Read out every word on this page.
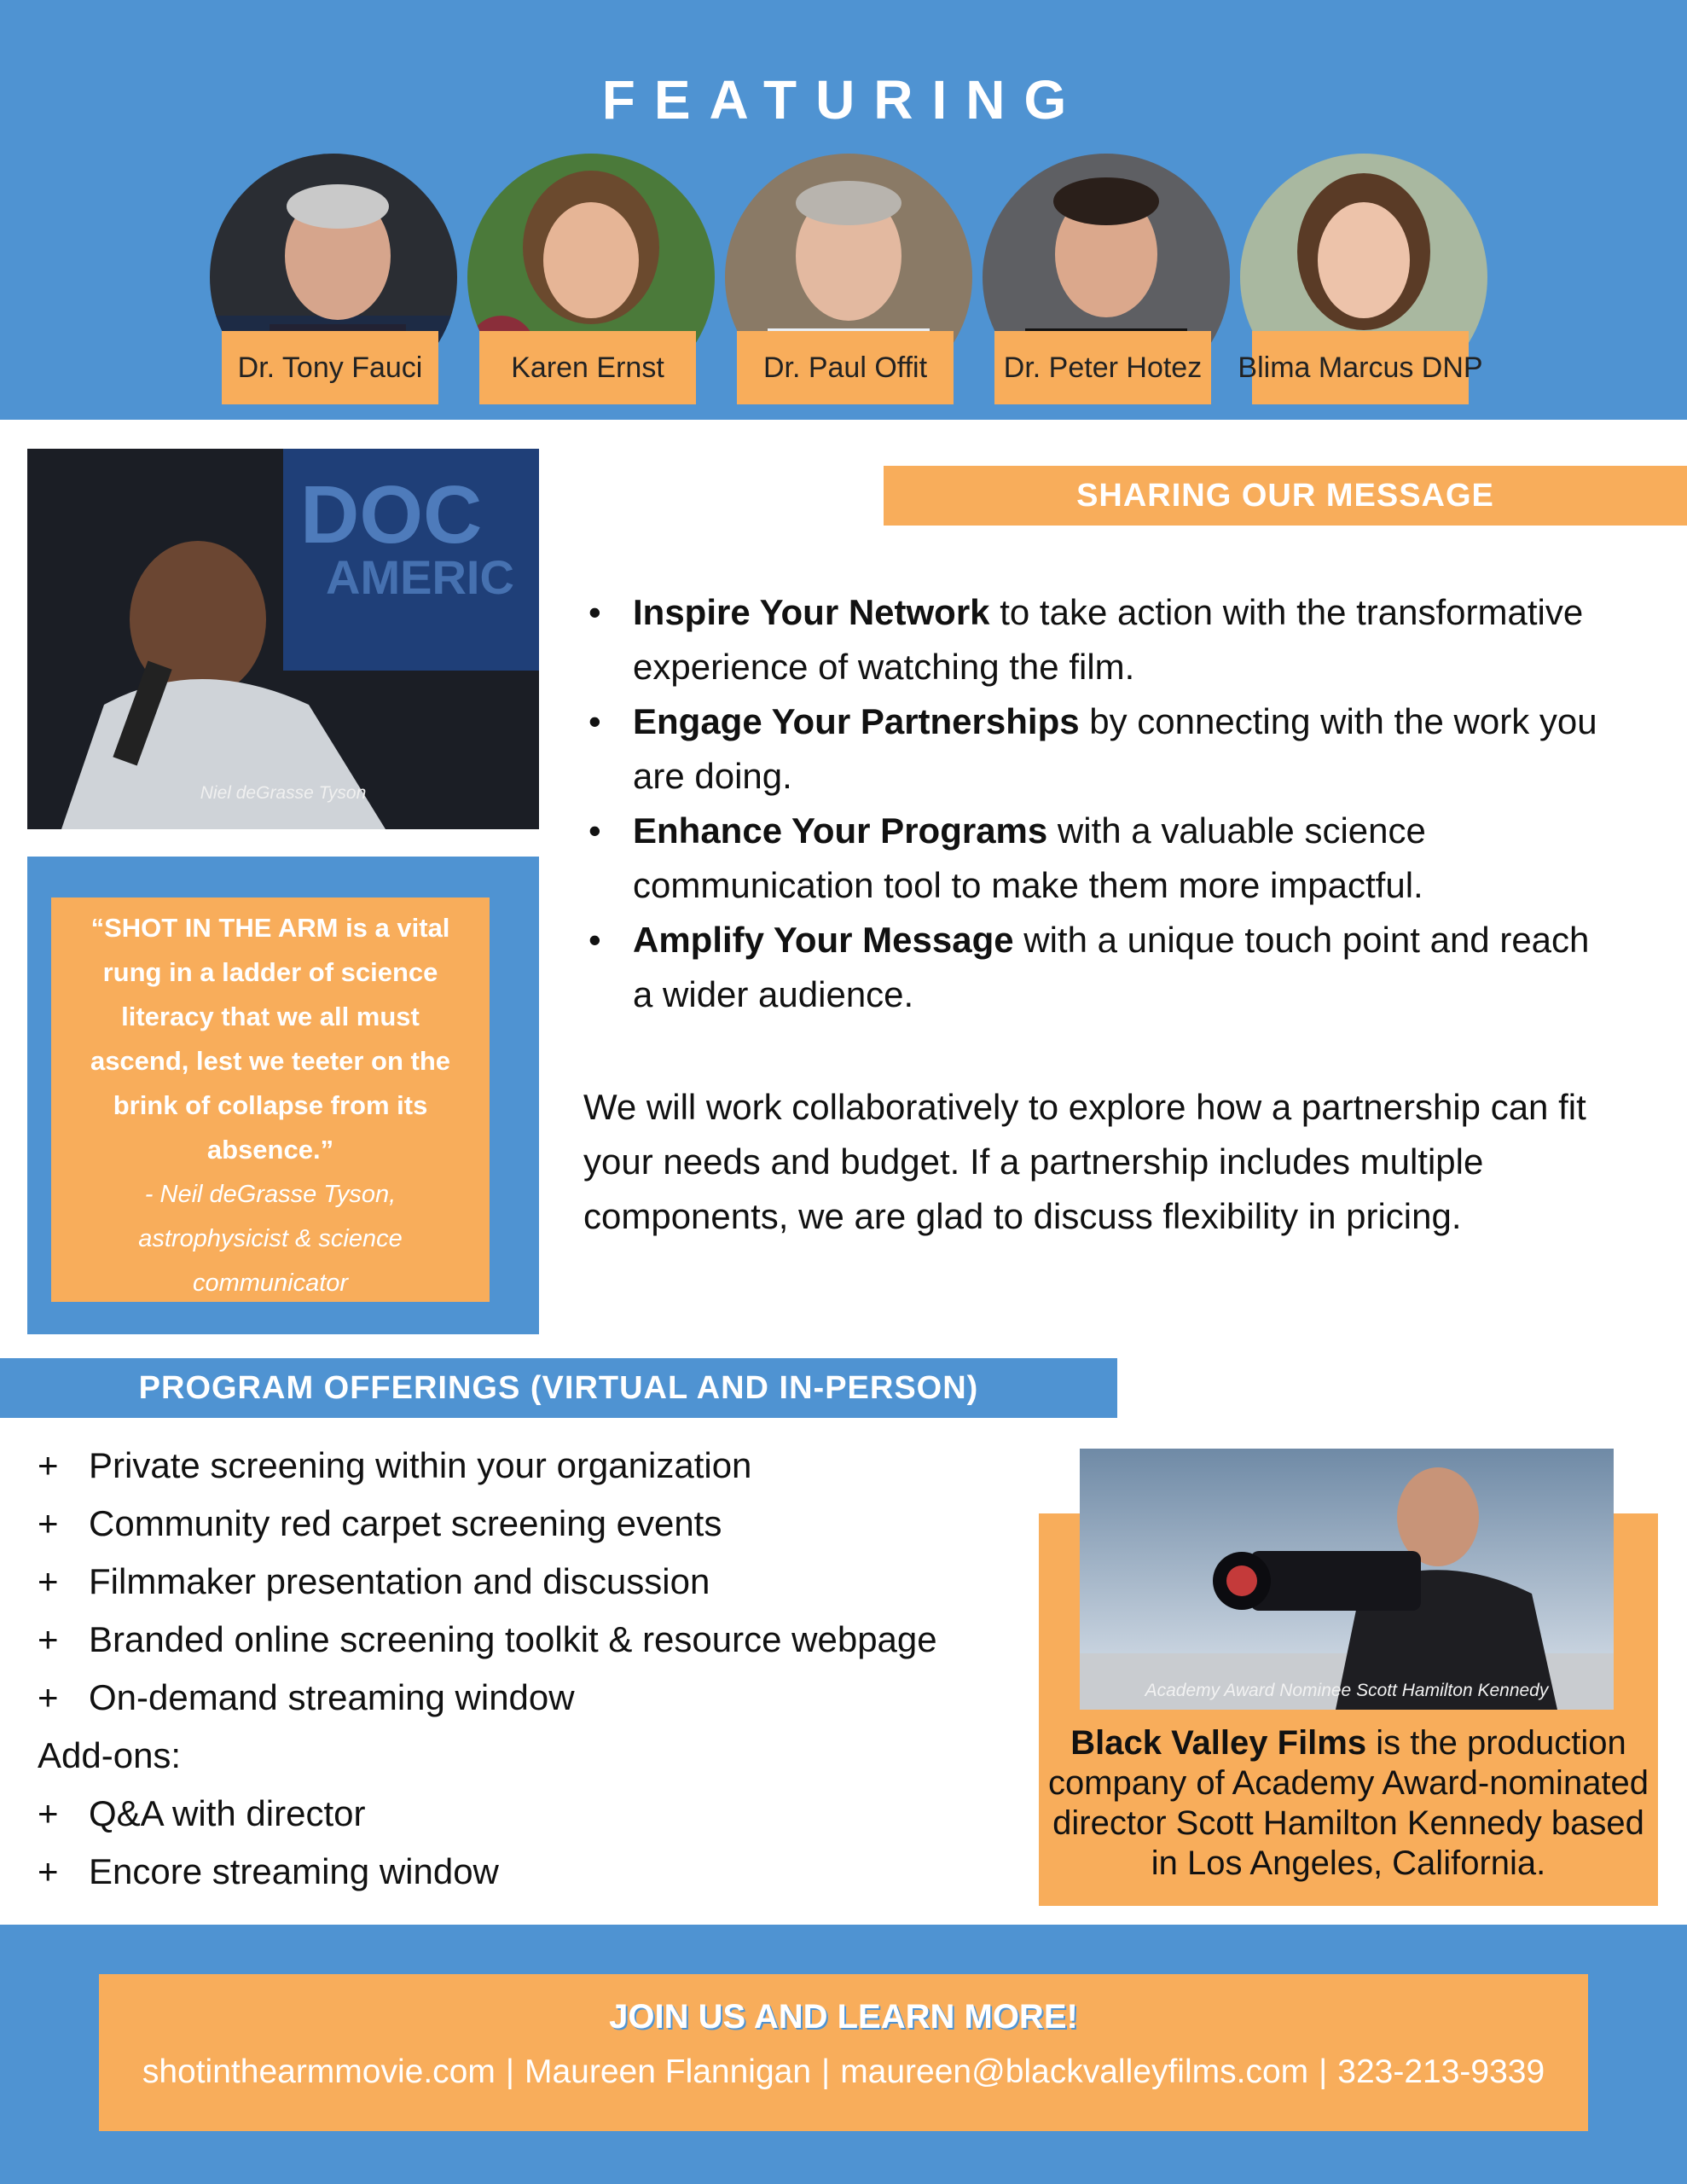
FEATURING
Dr. Tony Fauci	Karen Ernst	Dr. Paul Offit	Dr. Peter Hotez	Blima Marcus DNP
DOC
AMERIC
Niel deGrasse Tyson
“SHOT IN THE ARM is a vital rung in a ladder of science literacy that we all must ascend, lest we teeter on the brink of collapse from its absence.”
- Neil deGrasse Tyson, astrophysicist & science communicator
SHARING OUR MESSAGE
• Inspire Your Network to take action with the transformative experience of watching the film.
• Engage Your Partnerships by connecting with the work you are doing.
• Enhance Your Programs with a valuable science communication tool to make them more impactful.
• Amplify Your Message with a unique touch point and reach a wider audience.
We will work collaboratively to explore how a partnership can fit your needs and budget. If a partnership includes multiple components, we are glad to discuss flexibility in pricing.
PROGRAM OFFERINGS (VIRTUAL AND IN-PERSON)
+ Private screening within your organization
+ Community red carpet screening events
+ Filmmaker presentation and discussion
+ Branded online screening toolkit & resource webpage
+ On-demand streaming window
Add-ons:
+ Q&A with director
+ Encore streaming window
Academy Award Nominee Scott Hamilton Kennedy
Black Valley Films is the production company of Academy Award-nominated director Scott Hamilton Kennedy based in Los Angeles, California.
JOIN US AND LEARN MORE!
shotinthearmmovie.com | Maureen Flannigan | maureen@blackvalleyfilms.com | 323-213-9339
